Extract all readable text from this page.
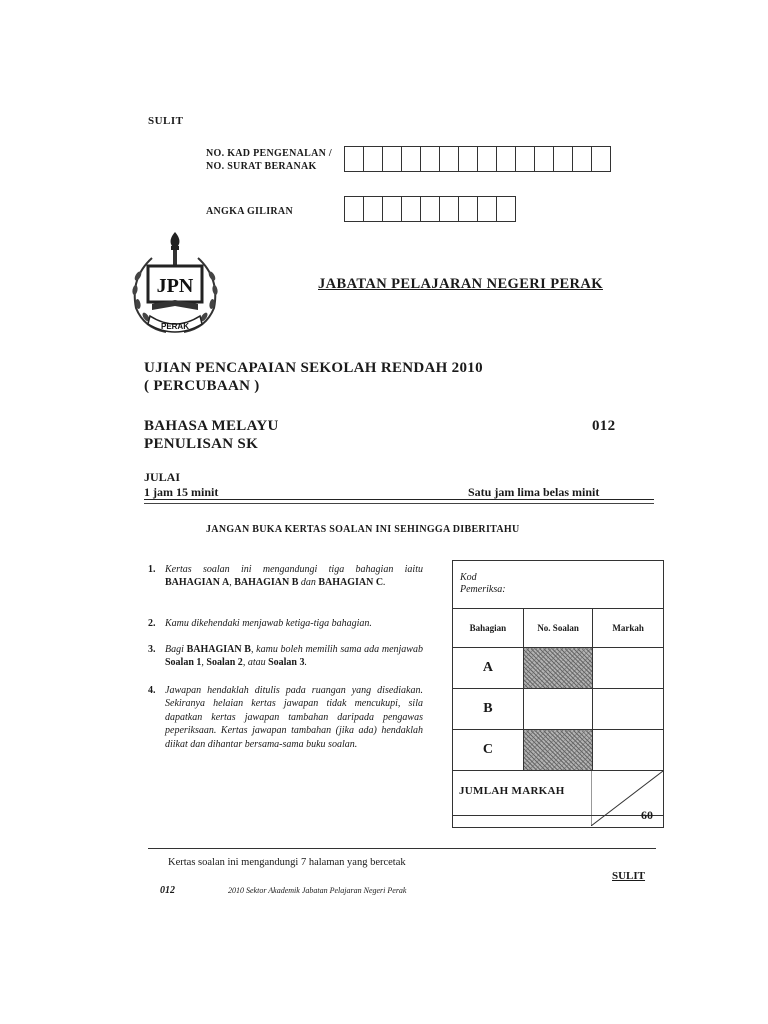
SULIT
NO. KAD PENGENALAN /
NO. SURAT BERANAK
ANGKA GILIRAN
JPN
PERAK
JABATAN PELAJARAN NEGERI PERAK
UJIAN PENCAPAIAN SEKOLAH RENDAH 2010
( PERCUBAAN )
BAHASA MELAYU
PENULISAN SK
012
JULAI
1 jam 15 minit	Satu jam lima belas minit
JANGAN BUKA KERTAS SOALAN INI SEHINGGA DIBERITAHU
1. Kertas soalan ini mengandungi tiga bahagian iaitu BAHAGIAN A, BAHAGIAN B dan BAHAGIAN C.
2. Kamu dikehendaki menjawab ketiga-tiga bahagian.
3. Bagi BAHAGIAN B, kamu boleh memilih sama ada menjawab Soalan 1, Soalan 2, atau Soalan 3.
4. Jawapan hendaklah ditulis pada ruangan yang disediakan. Sekiranya helaian kertas jawapan tidak mencukupi, sila dapatkan kertas jawapan tambahan daripada pengawas peperiksaan. Kertas jawapan tambahan (jika ada) hendaklah diikat dan dihantar bersama-sama buku soalan.
Kod
Pemeriksa:
Bahagian	No. Soalan	Markah
A		
B		
C		

JUMLAH MARKAH
60		
Kertas soalan ini mengandungi 7 halaman yang bercetak
SULIT
012	2010 Sektor Akademik Jabatan Pelajaran Negeri Perak
